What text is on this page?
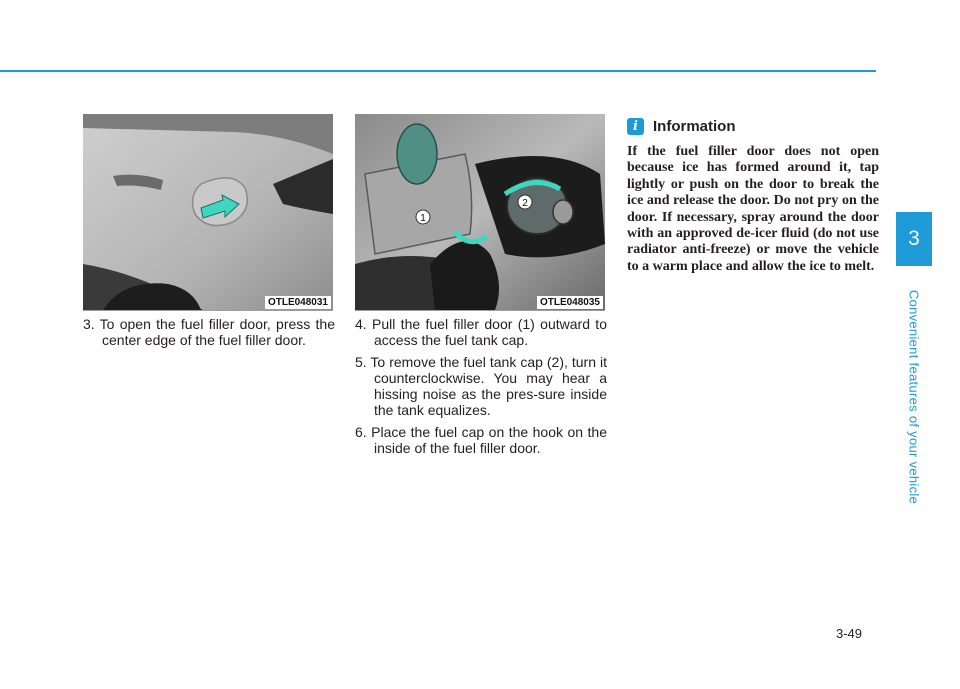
OTLE048031
1
2
OTLE048035

3. To open the fuel filler door, press the center edge of the fuel filler door.

4. Pull the fuel filler door (1) outward to access the fuel tank cap.

5. To remove the fuel tank cap (2), turn it counterclockwise. You may hear a hissing noise as the pres-sure inside the tank equalizes.

6. Place the fuel cap on the hook on the inside of the fuel filler door.

i	Information

If the fuel filler door does not open because ice has formed around it, tap lightly or push on the door to break the ice and release the door. Do not pry on the door. If necessary, spray around the door with an approved de-icer fluid (do not use radiator anti-freeze) or move the vehicle to a warm place and allow the ice to melt.

3
Convenient features of your vehicle
3-49
